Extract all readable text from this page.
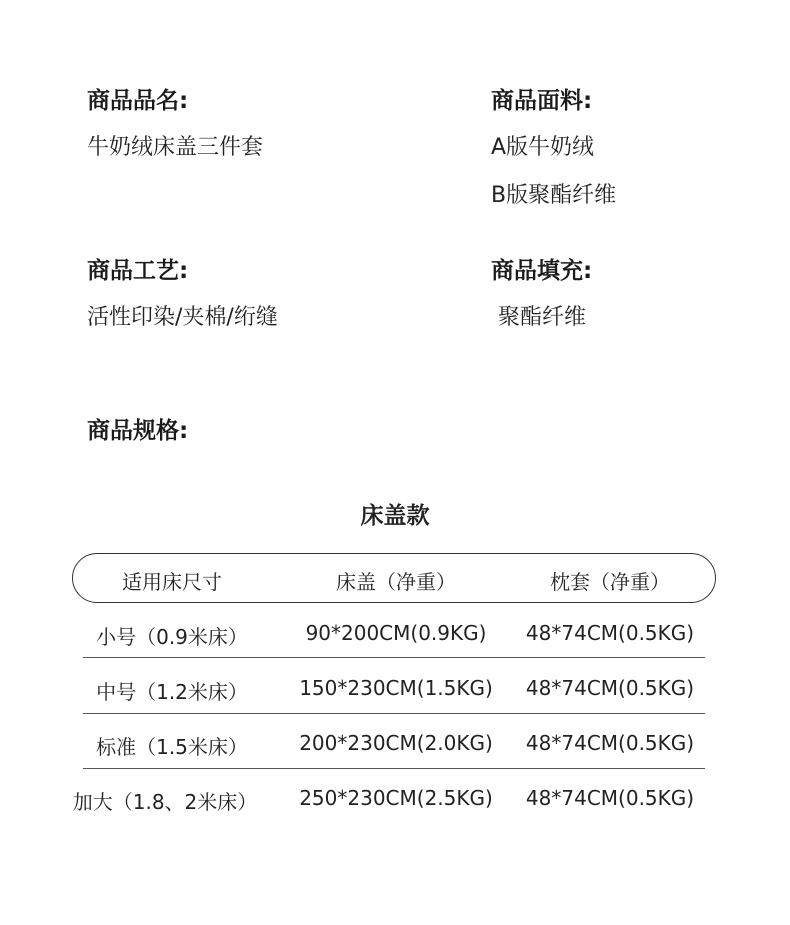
商品品名:
牛奶绒床盖三件套
商品面料:
A版牛奶绒
B版聚酯纤维
商品工艺:
活性印染/夹棉/绗缝
商品填充:
聚酯纤维
商品规格:
床盖款
适用床尺寸	床盖（净重）	枕套（净重）
小号（0.9米床）	90*200CM(0.9KG)	48*74CM(0.5KG)
中号（1.2米床）	150*230CM(1.5KG)	48*74CM(0.5KG)
标准（1.5米床）	200*230CM(2.0KG)	48*74CM(0.5KG)
加大（1.8、2米床）	250*230CM(2.5KG)	48*74CM(0.5KG)
